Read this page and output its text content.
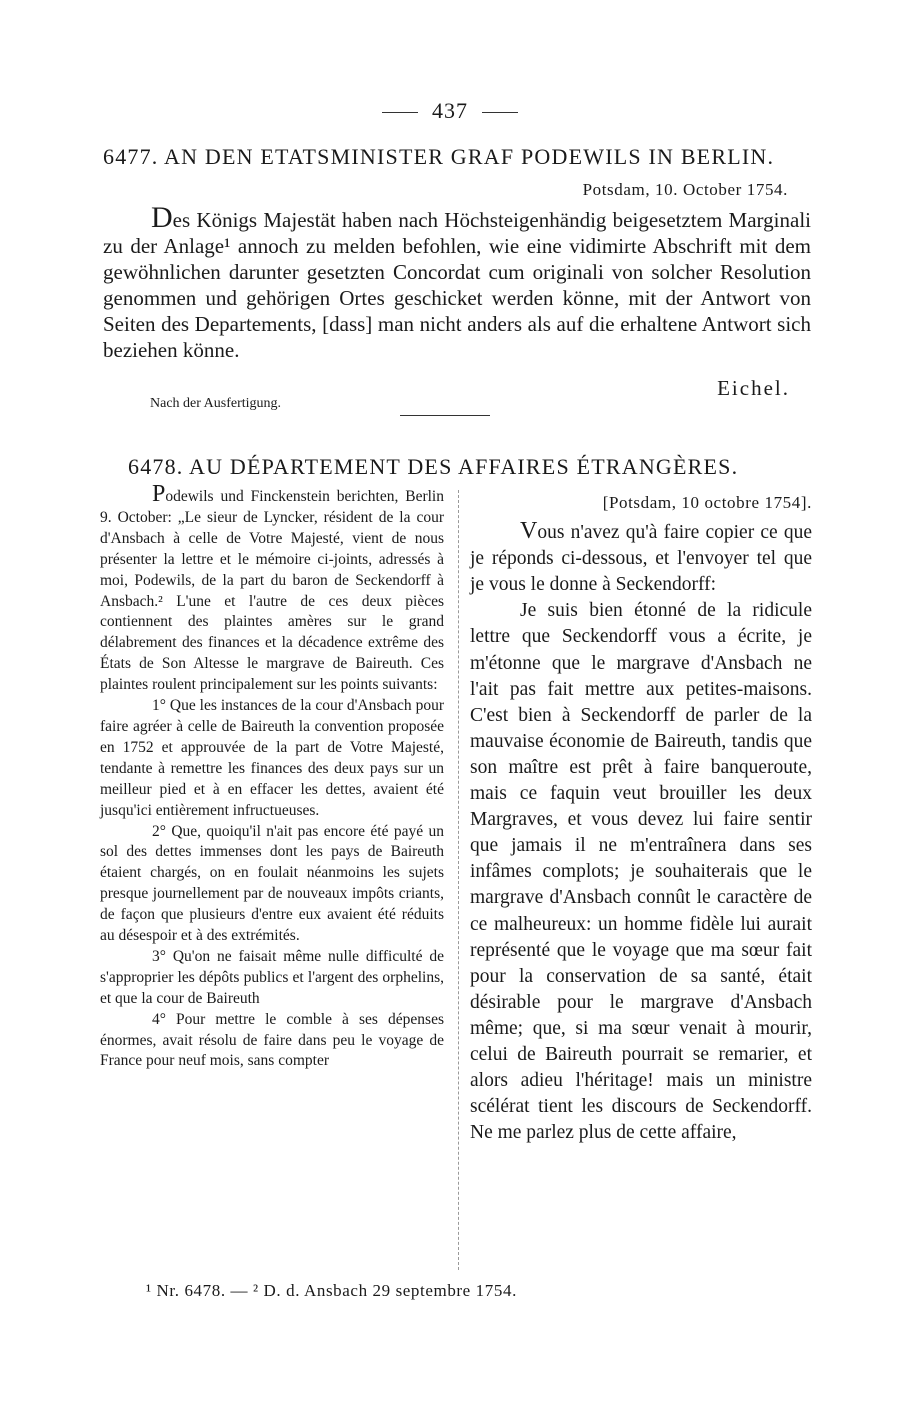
437
6477. AN DEN ETATSMINISTER GRAF PODEWILS IN BERLIN.
Potsdam, 10. October 1754.

Des Königs Majestät haben nach Höchsteigenhändig beigesetztem Marginali zu der Anlage¹ annoch zu melden befohlen, wie eine vidimirte Abschrift mit dem gewöhnlichen darunter gesetzten Concordat cum originali von solcher Resolution genommen und gehörigen Ortes geschicket werden könne, mit der Antwort von Seiten des Departements, [dass] man nicht anders als auf die erhaltene Antwort sich beziehen könne.

Eichel.
Nach der Ausfertigung.
6478. AU DÉPARTEMENT DES AFFAIRES ÉTRANGÈRES.

Podewils und Finckenstein berichten, Berlin 9. October: „Le sieur de Lyncker, résident de la cour d'Ansbach à celle de Votre Majesté, vient de nous présenter la lettre et le mémoire ci-joints, adressés à moi, Podewils, de la part du baron de Seckendorff à Ansbach.² L'une et l'autre de ces deux pièces contiennent des plaintes amères sur le grand délabrement des finances et la décadence extrême des États de Son Altesse le margrave de Baireuth. Ces plaintes roulent principalement sur les points suivants:

1° Que les instances de la cour d'Ansbach pour faire agréer à celle de Baireuth la convention proposée en 1752 et approuvée de la part de Votre Majesté, tendante à remettre les finances des deux pays sur un meilleur pied et à en effacer les dettes, avaient été jusqu'ici entièrement infructueuses.

2° Que, quoiqu'il n'ait pas encore été payé un sol des dettes immenses dont les pays de Baireuth étaient chargés, on en foulait néanmoins les sujets presque journellement par de nouveaux impôts criants, de façon que plusieurs d'entre eux avaient été réduits au désespoir et à des extrémités.

3° Qu'on ne faisait même nulle difficulté de s'approprier les dépôts publics et l'argent des orphelins, et que la cour de Baireuth

4° Pour mettre le comble à ses dépenses énormes, avait résolu de faire dans peu le voyage de France pour neuf mois, sans compter

[Potsdam, 10 octobre 1754].

Vous n'avez qu'à faire copier ce que je réponds ci-dessous, et l'envoyer tel que je vous le donne à Seckendorff:

Je suis bien étonné de la ridicule lettre que Seckendorff vous a écrite, je m'étonne que le margrave d'Ansbach ne l'ait pas fait mettre aux petites-maisons. C'est bien à Seckendorff de parler de la mauvaise économie de Baireuth, tandis que son maître est prêt à faire banqueroute, mais ce faquin veut brouiller les deux Margraves, et vous devez lui faire sentir que jamais il ne m'entraînera dans ses infâmes complots; je souhaiterais que le margrave d'Ansbach connût le caractère de ce malheureux: un homme fidèle lui aurait représenté que le voyage que ma sœur fait pour la conservation de sa santé, était désirable pour le margrave d'Ansbach même; que, si ma sœur venait à mourir, celui de Baireuth pourrait se remarier, et alors adieu l'héritage! mais un ministre scélérat tient les discours de Seckendorff. Ne me parlez plus de cette affaire,

¹ Nr. 6478. — ² D. d. Ansbach 29 septembre 1754.
